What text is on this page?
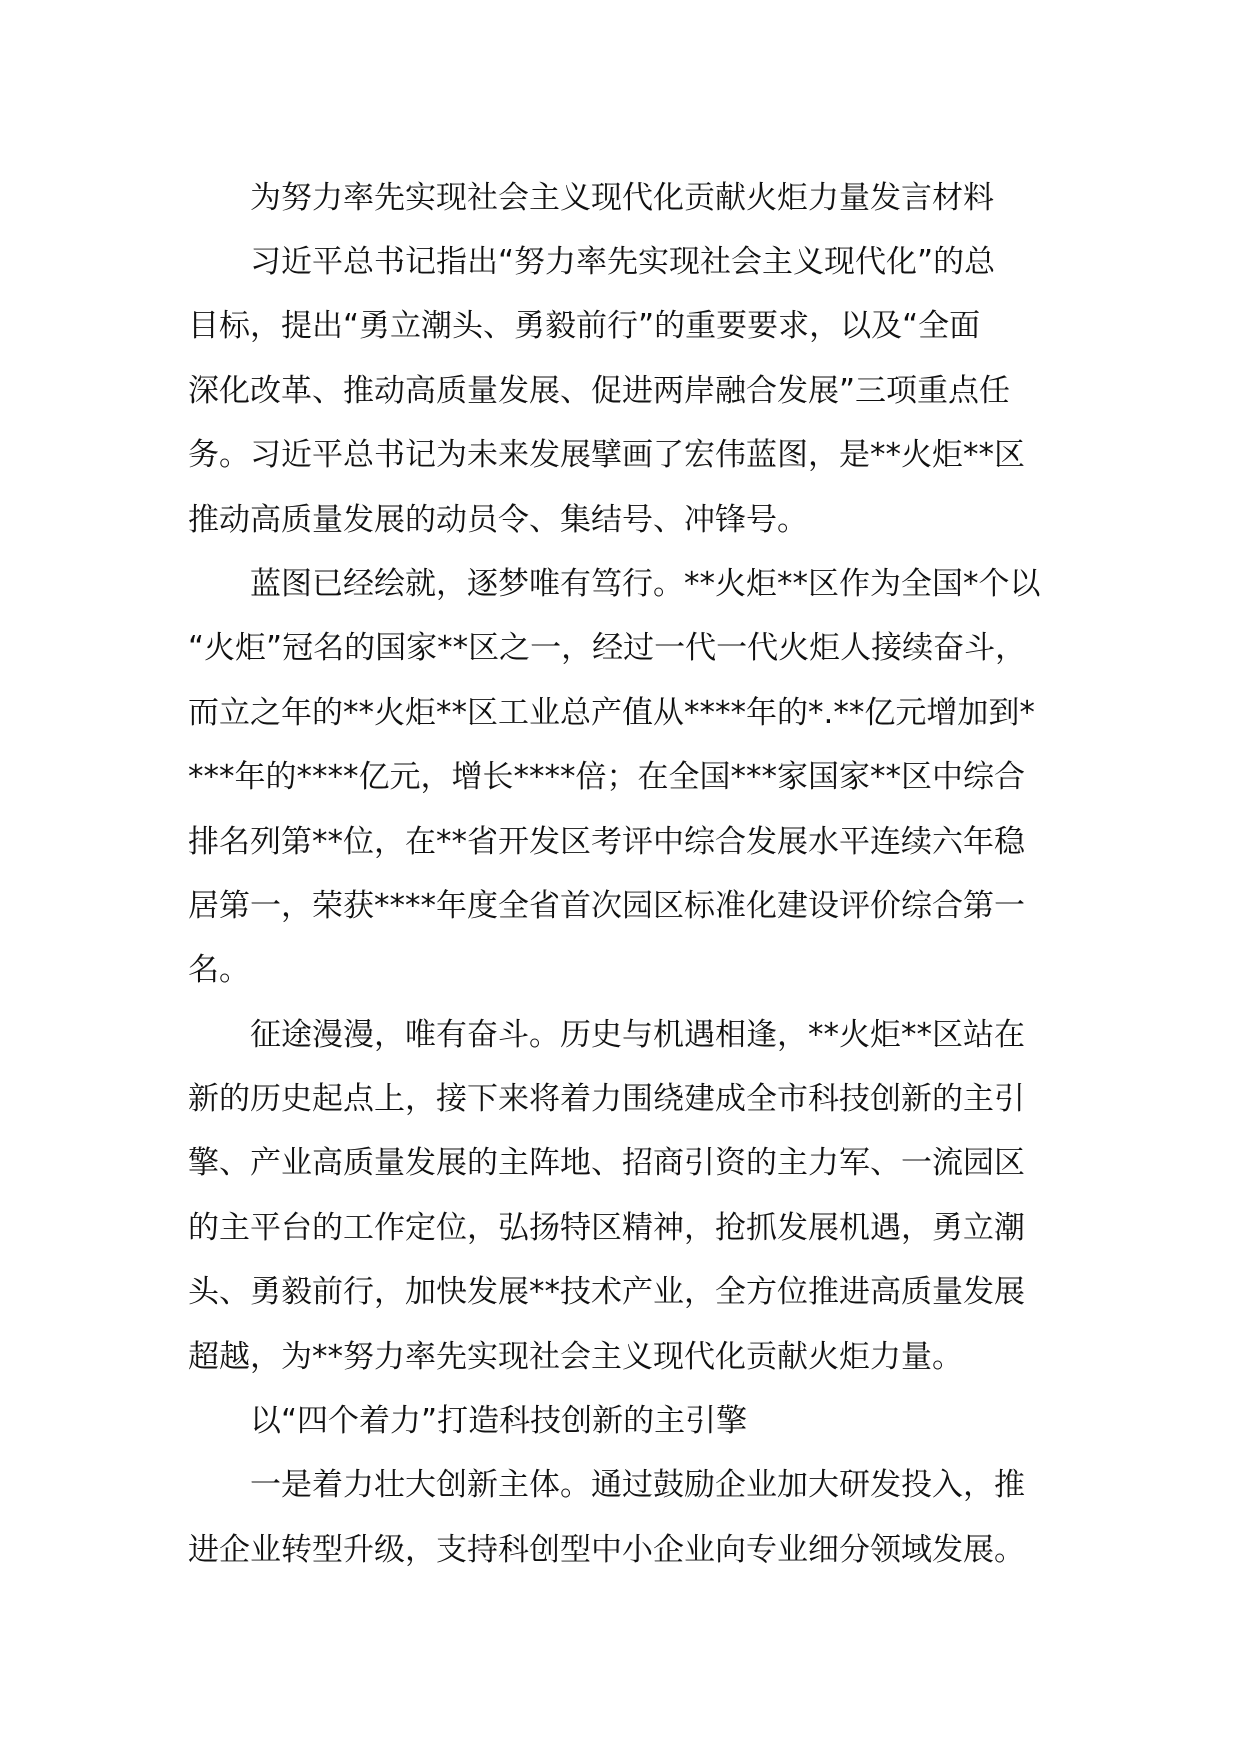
为努力率先实现社会主义现代化贡献火炬力量发言材料
习近平总书记指出“努力率先实现社会主义现代化”的总
目标，提出“勇立潮头、勇毅前行”的重要要求，以及“全面
深化改革、推动高质量发展、促进两岸融合发展”三项重点任
务。习近平总书记为未来发展擘画了宏伟蓝图，是**火炬**区
推动高质量发展的动员令、集结号、冲锋号。
蓝图已经绘就，逐梦唯有笃行。**火炬**区作为全国*个以
“火炬”冠名的国家**区之一，经过一代一代火炬人接续奋斗，
而立之年的**火炬**区工业总产值从****年的*.**亿元增加到*
***年的****亿元，增长****倍；在全国***家国家**区中综合
排名列第**位，在**省开发区考评中综合发展水平连续六年稳
居第一，荣获****年度全省首次园区标准化建设评价综合第一
名。
征途漫漫，唯有奋斗。历史与机遇相逢，**火炬**区站在
新的历史起点上，接下来将着力围绕建成全市科技创新的主引
擎、产业高质量发展的主阵地、招商引资的主力军、一流园区
的主平台的工作定位，弘扬特区精神，抢抓发展机遇，勇立潮
头、勇毅前行，加快发展**技术产业，全方位推进高质量发展
超越，为**努力率先实现社会主义现代化贡献火炬力量。
以“四个着力”打造科技创新的主引擎
一是着力壮大创新主体。通过鼓励企业加大研发投入，推
进企业转型升级，支持科创型中小企业向专业细分领域发展。
